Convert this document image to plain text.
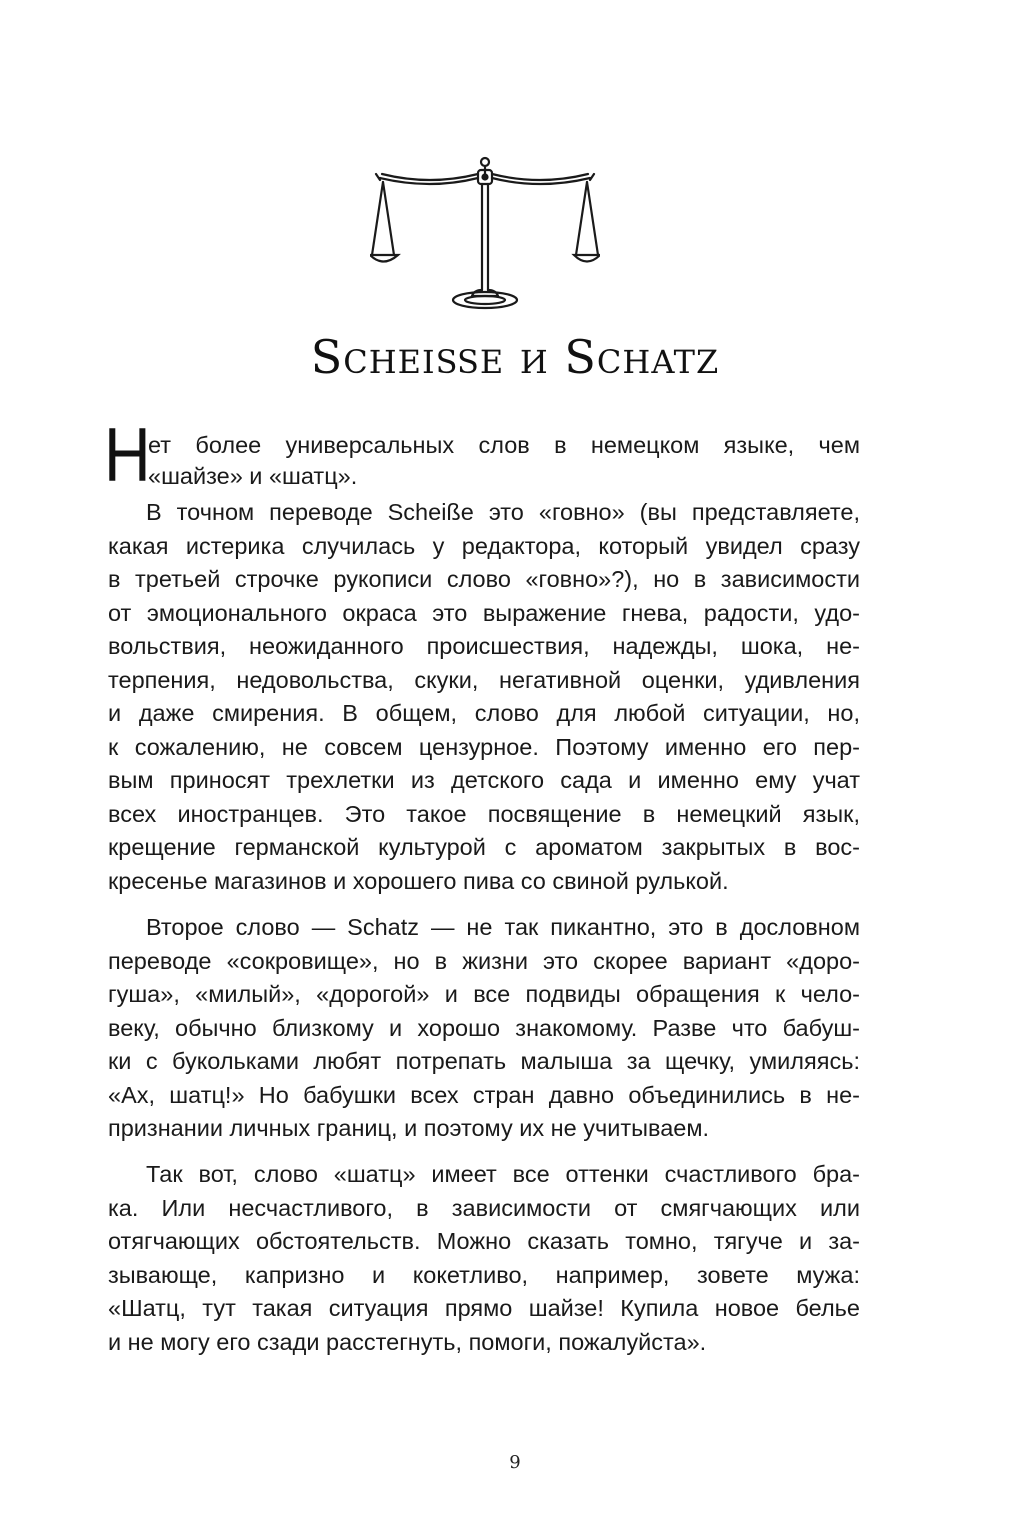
Scheiße и Schatz
Н
ет более универсальных слов в немецком языке, чем
«шайзе» и «шатц».
В точном переводе Scheiße это «говно» (вы представляете,
какая истерика случилась у редактора, который увидел сразу
в третьей строчке рукописи слово «говно»?), но в зависимости
от эмоционального окраса это выражение гнева, радости, удо-
вольствия, неожиданного происшествия, надежды, шока, не-
терпения, недовольства, скуки, негативной оценки, удивления
и даже смирения. В общем, слово для любой ситуации, но,
к сожалению, не совсем цензурное. Поэтому именно его пер-
вым приносят трехлетки из детского сада и именно ему учат
всех иностранцев. Это такое посвящение в немецкий язык,
крещение германской культурой с ароматом закрытых в вос-
кресенье магазинов и хорошего пива со свиной рулькой.
Второе слово — Schatz — не так пикантно, это в дословном
переводе «сокровище», но в жизни это скорее вариант «доро-
гуша», «милый», «дорогой» и все подвиды обращения к чело-
веку, обычно близкому и хорошо знакомому. Разве что бабуш-
ки с букольками любят потрепать малыша за щечку, умиляясь:
«Ах, шатц!» Но бабушки всех стран давно объединились в не-
признании личных границ, и поэтому их не учитываем.
Так вот, слово «шатц» имеет все оттенки счастливого бра-
ка. Или несчастливого, в зависимости от смягчающих или
отягчающих обстоятельств. Можно сказать томно, тягуче и за-
зывающе, капризно и кокетливо, например, зовете мужа:
«Шатц, тут такая ситуация прямо шайзе! Купила новое белье
и не могу его сзади расстегнуть, помоги, пожалуйста».
9
